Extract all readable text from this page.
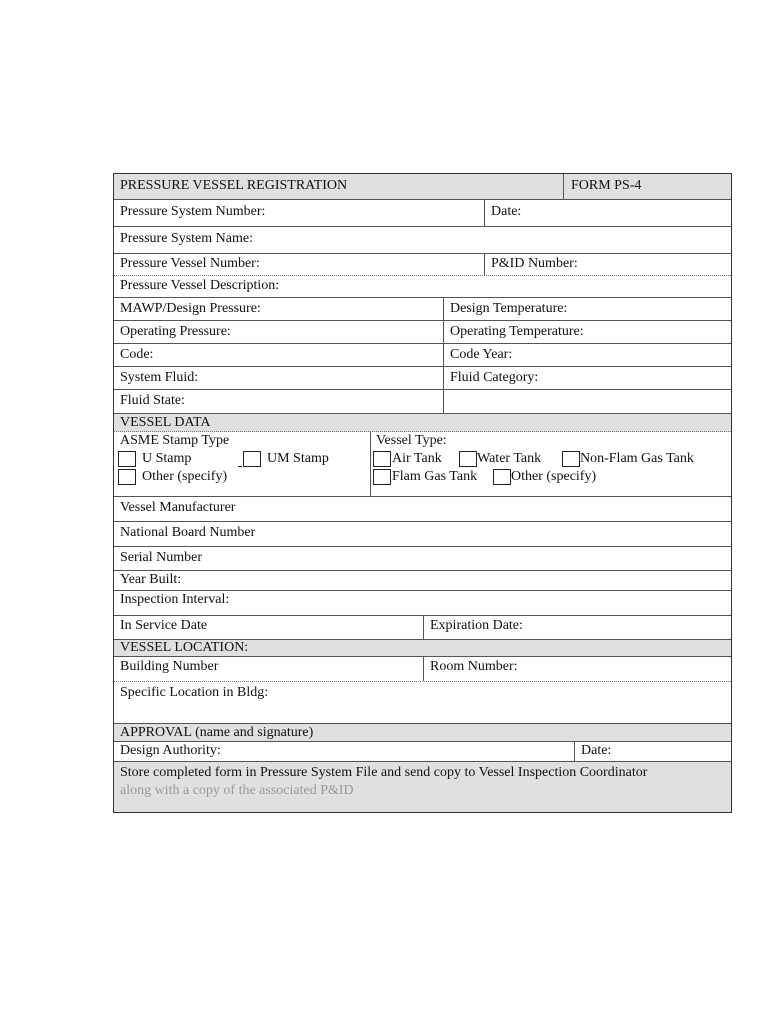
PRESSURE VESSEL REGISTRATION	FORM PS-4
Pressure System Number:	Date:
Pressure System Name:
Pressure Vessel Number:	P&ID Number:
Pressure Vessel Description:
MAWP/Design Pressure:	Design Temperature:
Operating Pressure:	Operating Temperature:
Code:	Code Year:
System Fluid:	Fluid Category:
Fluid State:
VESSEL DATA
ASME Stamp Type
U Stamp	UM Stamp
Other (specify)
Vessel Type:
Air Tank	Water Tank	Non-Flam Gas Tank
Flam Gas Tank Other (specify)
Vessel Manufacturer
National Board Number
Serial Number
Year Built:
Inspection Interval:
In Service Date	Expiration Date:
VESSEL LOCATION:
Building Number	Room Number:
Specific Location in Bldg:
APPROVAL (name and signature)
Design Authority:	Date:
Store completed form in Pressure System File and send copy to Vessel Inspection Coordinator
along with a copy of the associated P&ID
